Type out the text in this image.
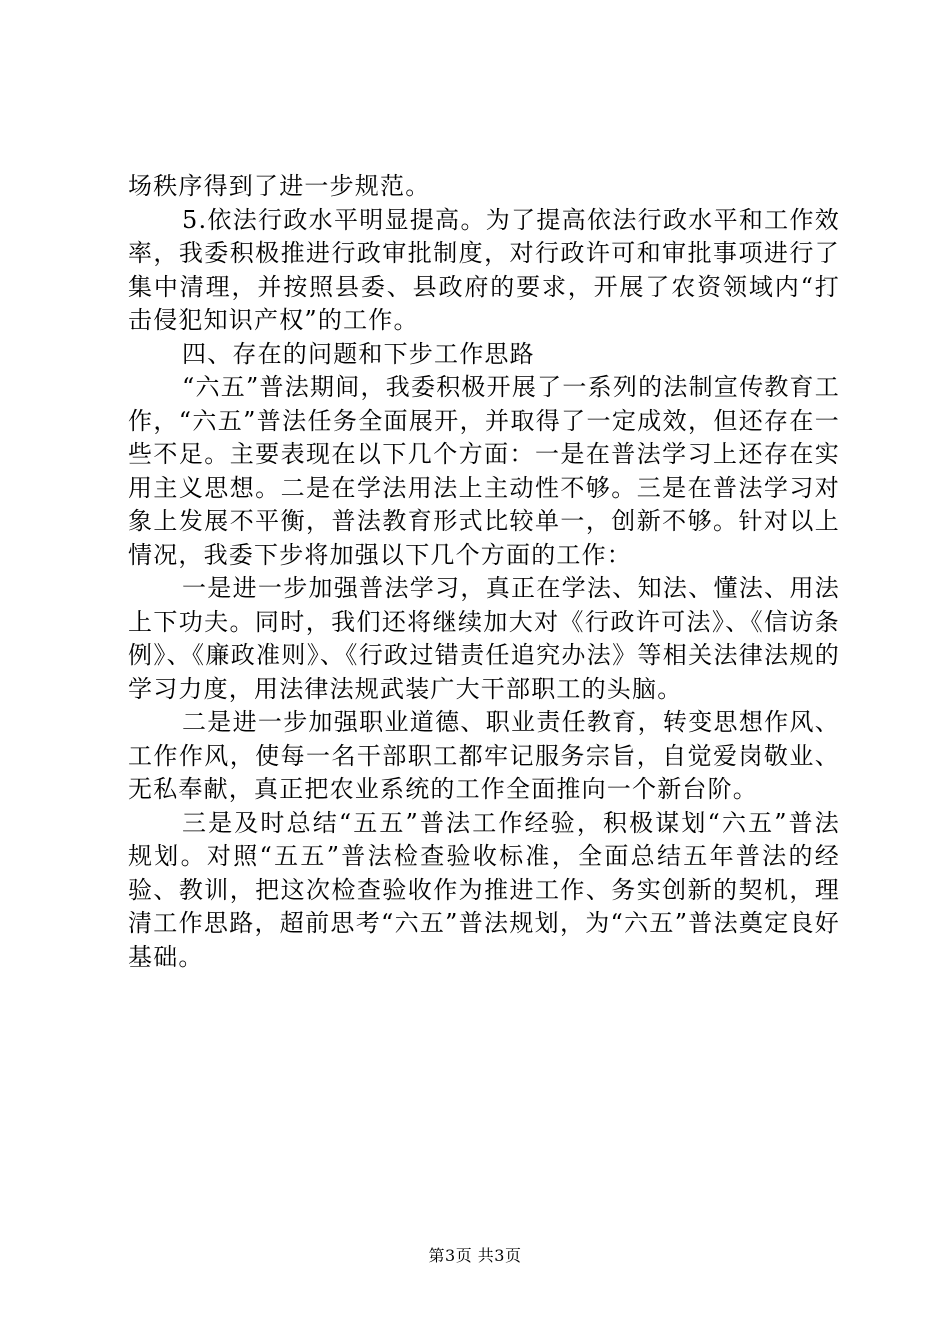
场秩序得到了进一步规范。

5.依法行政水平明显提高。为了提高依法行政水平和工作效率，我委积极推进行政审批制度，对行政许可和审批事项进行了集中清理，并按照县委、县政府的要求，开展了农资领域内“打击侵犯知识产权”的工作。

四、存在的问题和下步工作思路

“六五”普法期间，我委积极开展了一系列的法制宣传教育工作，“六五”普法任务全面展开，并取得了一定成效，但还存在一些不足。主要表现在以下几个方面：一是在普法学习上还存在实用主义思想。二是在学法用法上主动性不够。三是在普法学习对象上发展不平衡，普法教育形式比较单一，创新不够。针对以上情况，我委下步将加强以下几个方面的工作：

一是进一步加强普法学习，真正在学法、知法、懂法、用法上下功夫。同时，我们还将继续加大对《行政许可法》、《信访条例》、《廉政准则》、《行政过错责任追究办法》等相关法律法规的学习力度，用法律法规武装广大干部职工的头脑。

二是进一步加强职业道德、职业责任教育，转变思想作风、工作作风，使每一名干部职工都牢记服务宗旨，自觉爱岗敬业、无私奉献，真正把农业系统的工作全面推向一个新台阶。

三是及时总结“五五”普法工作经验，积极谋划“六五”普法规划。对照“五五”普法检查验收标准，全面总结五年普法的经验、教训，把这次检查验收作为推进工作、务实创新的契机，理清工作思路，超前思考“六五”普法规划，为“六五”普法奠定良好基础。

第3页 共3页
